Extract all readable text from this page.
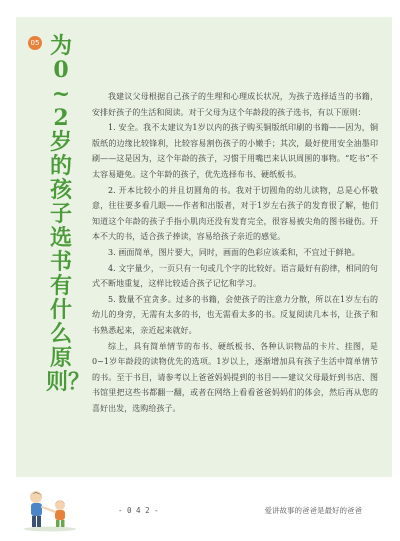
05 为0~2岁的孩子选书有什么原则？

我建议父母根据自己孩子的生理和心理成长状况，为孩子选择适当的书籍，安排好孩子的生活和阅读。对于父母为这个年龄段的孩子选书，有以下原则：

1. 安全。我不太建议为1岁以内的孩子购买铜版纸印刷的书籍——因为，铜版纸的边缘比较锋利，比较容易割伤孩子的小嫩手；其次，最好使用安全油墨印刷——这是因为，这个年龄的孩子，习惯于用嘴巴来认识周围的事物。“吃书”不太容易避免。这个年龄的孩子，优先选择布书、硬纸板书。

2. 开本比较小的并且切圆角的书。我对于切圆角的幼儿读物，总是心怀敬意，往往要多看几眼——作者和出版者，对于1岁左右孩子的发育很了解，他们知道这个年龄的孩子手指小肌肉还没有发育完全，很容易被尖角的图书碰伤。开本不大的书，适合孩子捧读，容易给孩子亲近的感觉。

3. 画面简单，图片要大，同时，画面的色彩应该柔和，不宜过于鲜艳。

4. 文字量少，一页只有一句或几个字的比较好。语言最好有韵律，相同的句式不断地重复，这样比较适合孩子记忆和学习。

5. 数量不宜贪多。过多的书籍，会使孩子的注意力分散，所以在1岁左右的幼儿的身旁，无需有太多的书，也无需看太多的书。反复阅读几本书，让孩子和书熟悉起来，亲近起来就好。

综上，具有简单情节的布书、硬纸板书、各种认识物品的卡片、挂图，是0~1岁年龄段的读物优先的选项。1岁以上，逐渐增加具有孩子生活中简单情节的书。至于书目，请参考以上爸爸妈妈提到的书目——建议父母最好到书店、图书馆里把这些书都翻一翻，或者在网络上看看爸爸妈妈们的体会，然后再从您的喜好出发，选购给孩子。

- 0 4 2 -	爱讲故事的爸爸是最好的爸爸
